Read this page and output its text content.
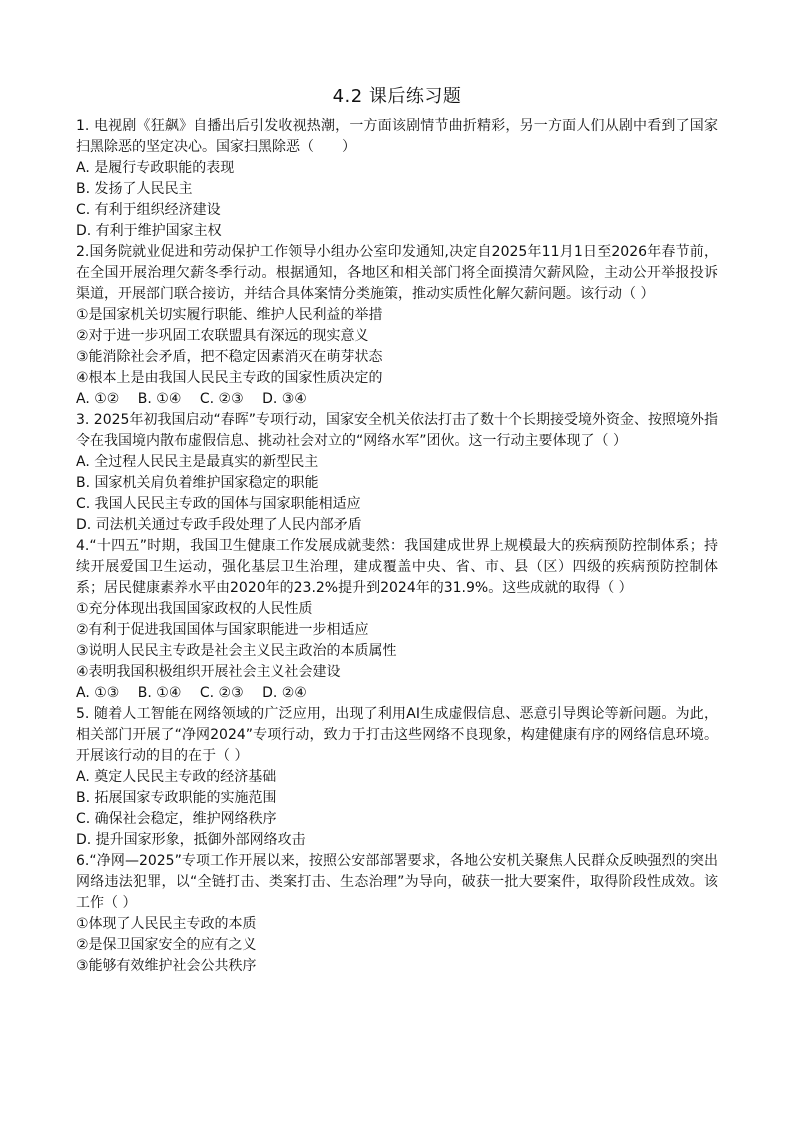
4.2 课后练习题

1. 电视剧《狂飙》自播出后引发收视热潮，一方面该剧情节曲折精彩，另一方面人们从剧中看到了国家扫黑除恶的坚定决心。国家扫黑除恶（　　）

A. 是履行专政职能的表现

B. 发扬了人民民主

C. 有利于组织经济建设

D. 有利于维护国家主权

2.国务院就业促进和劳动保护工作领导小组办公室印发通知,决定自2025年11月1日至2026年春节前，在全国开展治理欠薪冬季行动。根据通知，各地区和相关部门将全面摸清欠薪风险，主动公开举报投诉渠道，开展部门联合接访，并结合具体案情分类施策，推动实质性化解欠薪问题。该行动（ ）

①是国家机关切实履行职能、维护人民利益的举措

②对于进一步巩固工农联盟具有深远的现实意义

③能消除社会矛盾，把不稳定因素消灭在萌芽状态

④根本上是由我国人民民主专政的国家性质决定的

A. ①②　 B. ①④　 C. ②③　 D. ③④

3. 2025年初我国启动“春晖”专项行动，国家安全机关依法打击了数十个长期接受境外资金、按照境外指令在我国境内散布虚假信息、挑动社会对立的“网络水军”团伙。这一行动主要体现了（ ）

A. 全过程人民民主是最真实的新型民主

B. 国家机关肩负着维护国家稳定的职能

C. 我国人民民主专政的国体与国家职能相适应

D. 司法机关通过专政手段处理了人民内部矛盾

4.“十四五”时期，我国卫生健康工作发展成就斐然：我国建成世界上规模最大的疾病预防控制体系；持续开展爱国卫生运动，强化基层卫生治理，建成覆盖中央、省、市、县（区）四级的疾病预防控制体系；居民健康素养水平由2020年的23.2%提升到2024年的31.9%。这些成就的取得（ ）

①充分体现出我国国家政权的人民性质

②有利于促进我国国体与国家职能进一步相适应

③说明人民民主专政是社会主义民主政治的本质属性

④表明我国积极组织开展社会主义社会建设

A. ①③　 B. ①④　 C. ②③　 D. ②④

5. 随着人工智能在网络领域的广泛应用，出现了利用AI生成虚假信息、恶意引导舆论等新问题。为此，相关部门开展了“净网2024”专项行动，致力于打击这些网络不良现象，构建健康有序的网络信息环境。开展该行动的目的在于（ ）

A. 奠定人民民主专政的经济基础

B. 拓展国家专政职能的实施范围

C. 确保社会稳定，维护网络秩序

D. 提升国家形象，抵御外部网络攻击

6.“净网—2025”专项工作开展以来，按照公安部部署要求，各地公安机关聚焦人民群众反映强烈的突出网络违法犯罪，以“全链打击、类案打击、生态治理”为导向，破获一批大要案件，取得阶段性成效。该工作（ ）

①体现了人民民主专政的本质

②是保卫国家安全的应有之义

③能够有效维护社会公共秩序
